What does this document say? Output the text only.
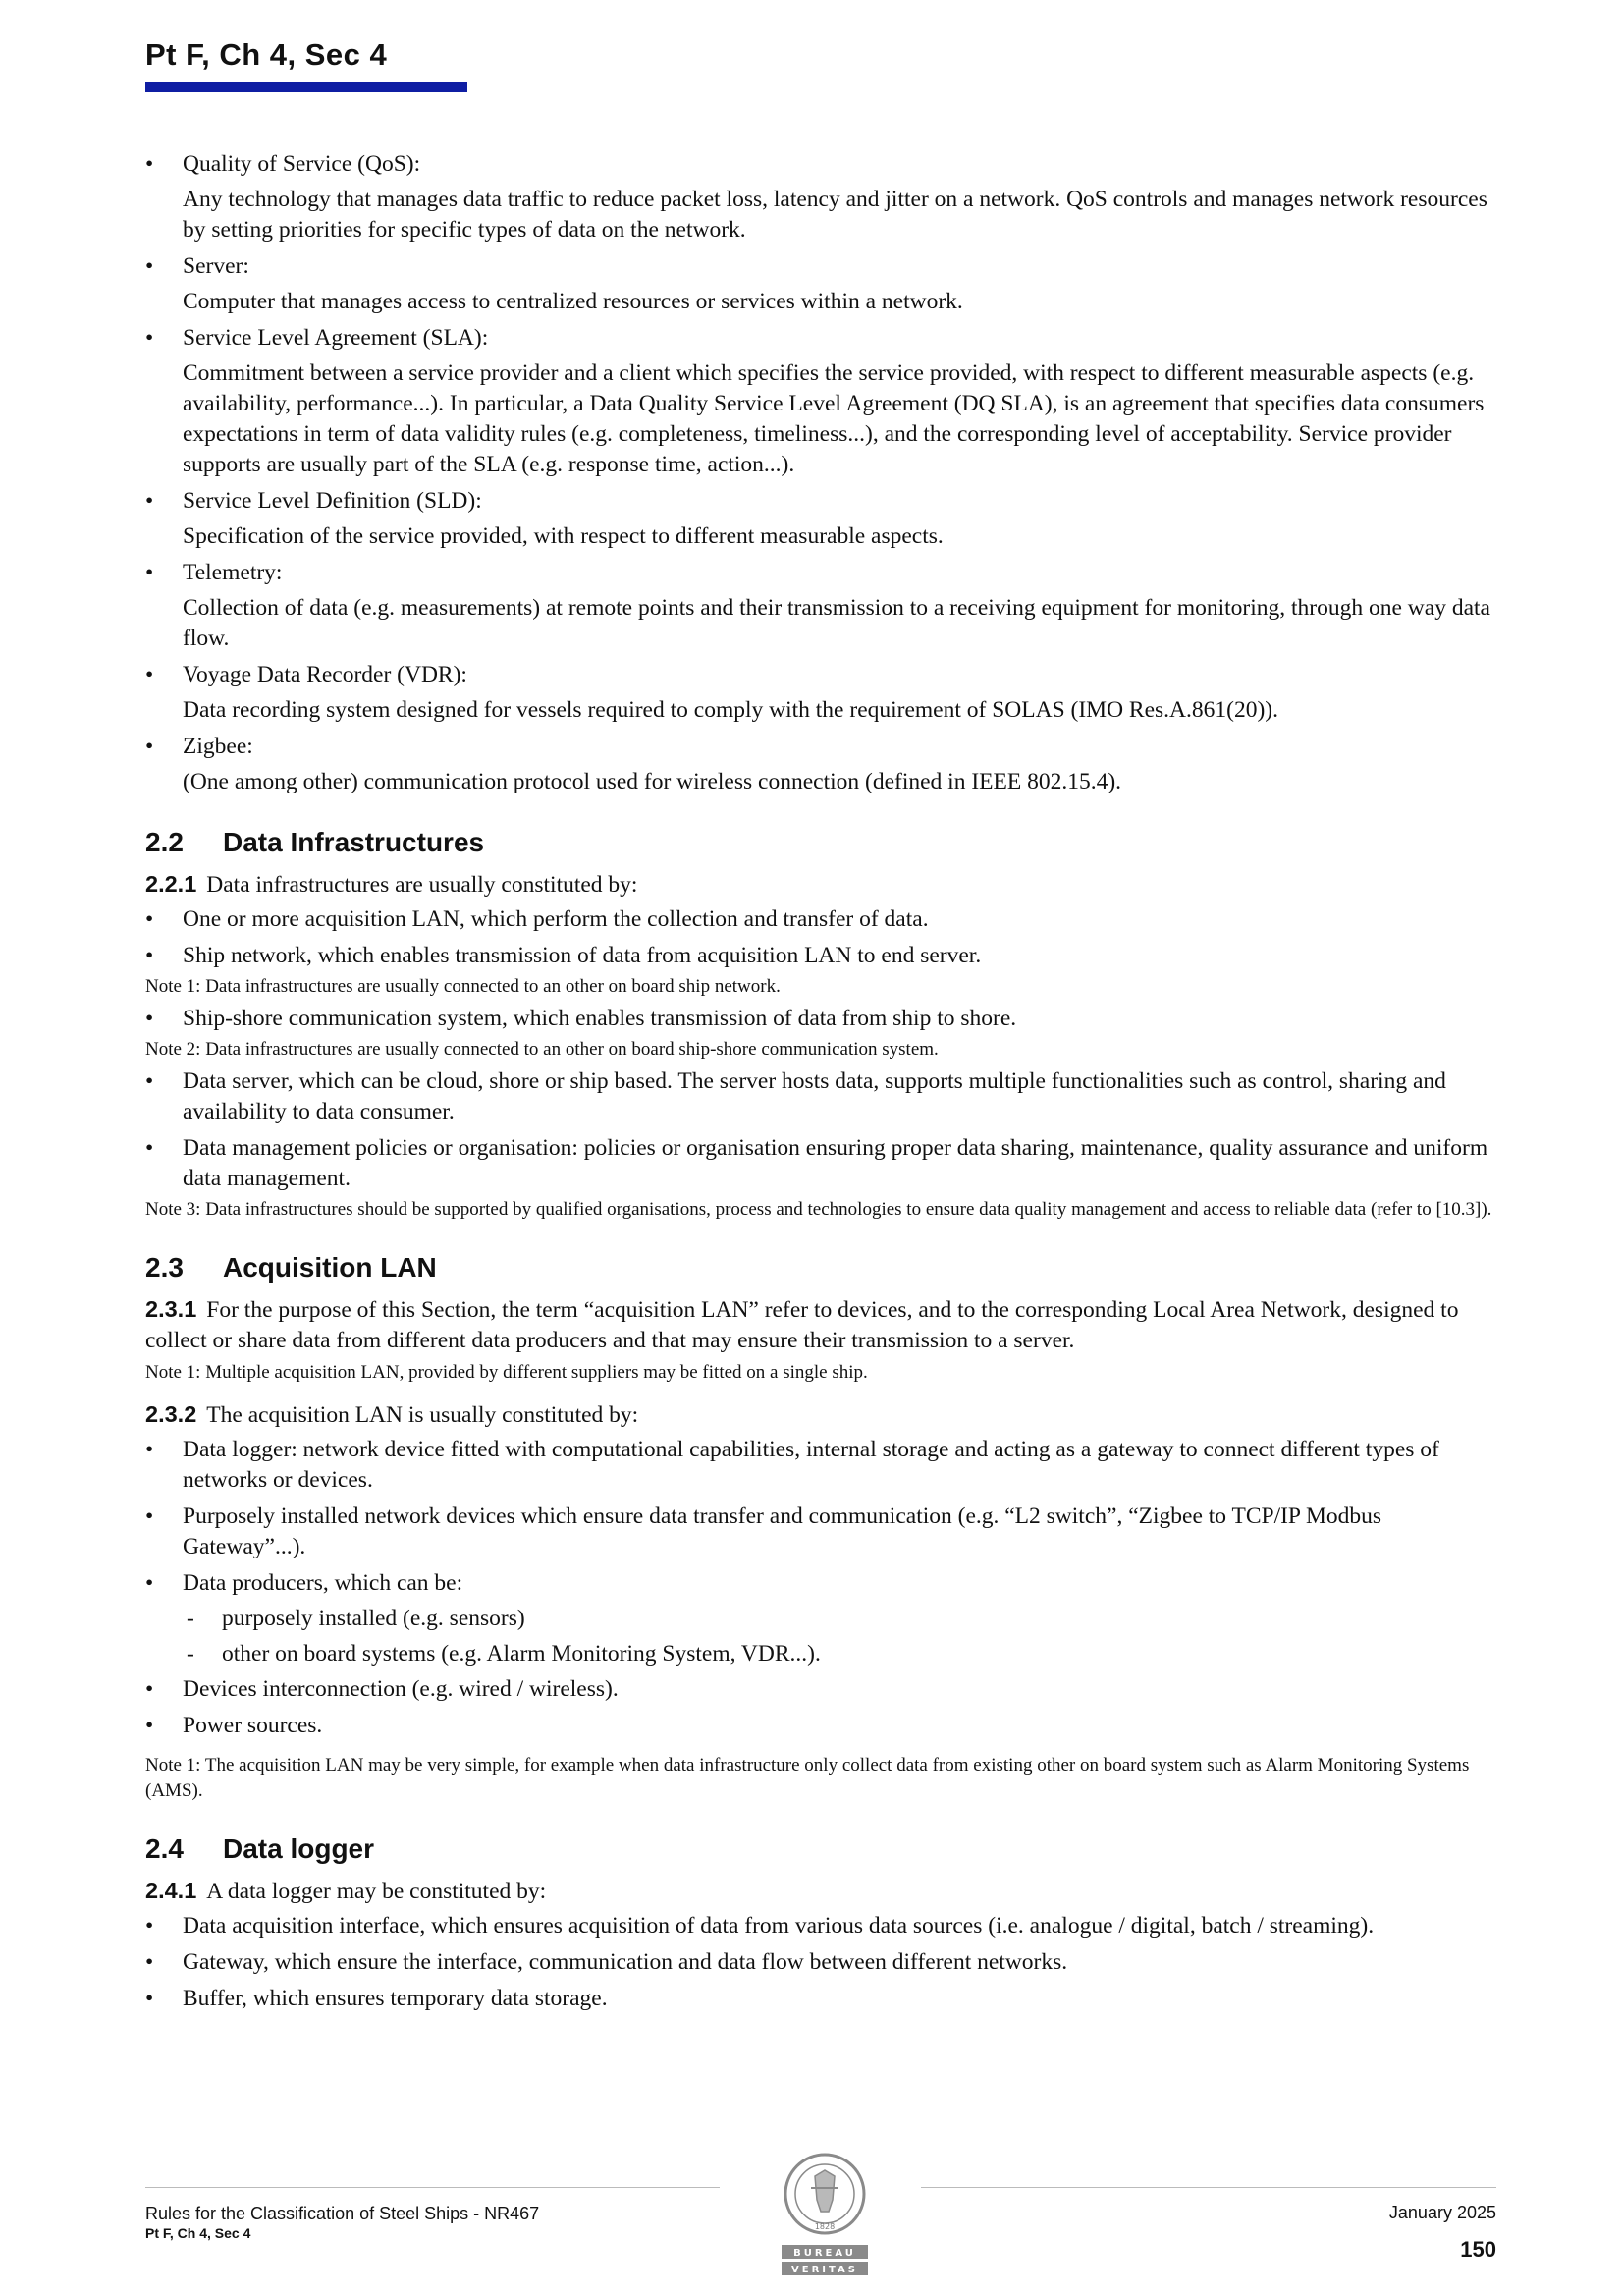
Pt F, Ch 4, Sec 4
• Quality of Service (QoS):
Any technology that manages data traffic to reduce packet loss, latency and jitter on a network. QoS controls and manages network resources by setting priorities for specific types of data on the network.
• Server:
Computer that manages access to centralized resources or services within a network.
• Service Level Agreement (SLA):
Commitment between a service provider and a client which specifies the service provided, with respect to different measurable aspects (e.g. availability, performance...). In particular, a Data Quality Service Level Agreement (DQ SLA), is an agreement that specifies data consumers expectations in term of data validity rules (e.g. completeness, timeliness...), and the corresponding level of acceptability. Service provider supports are usually part of the SLA (e.g. response time, action...).
• Service Level Definition (SLD):
Specification of the service provided, with respect to different measurable aspects.
• Telemetry:
Collection of data (e.g. measurements) at remote points and their transmission to a receiving equipment for monitoring, through one way data flow.
• Voyage Data Recorder (VDR):
Data recording system designed for vessels required to comply with the requirement of SOLAS (IMO Res.A.861(20)).
• Zigbee:
(One among other) communication protocol used for wireless connection (defined in IEEE 802.15.4).
2.2	Data Infrastructures
2.2.1 Data infrastructures are usually constituted by:
• One or more acquisition LAN, which perform the collection and transfer of data.
• Ship network, which enables transmission of data from acquisition LAN to end server.
Note 1: Data infrastructures are usually connected to an other on board ship network.
• Ship-shore communication system, which enables transmission of data from ship to shore.
Note 2: Data infrastructures are usually connected to an other on board ship-shore communication system.
• Data server, which can be cloud, shore or ship based. The server hosts data, supports multiple functionalities such as control, sharing and availability to data consumer.
• Data management policies or organisation: policies or organisation ensuring proper data sharing, maintenance, quality assurance and uniform data management.
Note 3: Data infrastructures should be supported by qualified organisations, process and technologies to ensure data quality management and access to reliable data (refer to [10.3]).
2.3	Acquisition LAN
2.3.1 For the purpose of this Section, the term “acquisition LAN” refer to devices, and to the corresponding Local Area Network, designed to collect or share data from different data producers and that may ensure their transmission to a server.
Note 1: Multiple acquisition LAN, provided by different suppliers may be fitted on a single ship.
2.3.2 The acquisition LAN is usually constituted by:
• Data logger: network device fitted with computational capabilities, internal storage and acting as a gateway to connect different types of networks or devices.
• Purposely installed network devices which ensure data transfer and communication (e.g. “L2 switch”, “Zigbee to TCP/IP Modbus Gateway”...).
• Data producers, which can be:
- purposely installed (e.g. sensors)
- other on board systems (e.g. Alarm Monitoring System, VDR...).
• Devices interconnection (e.g. wired / wireless).
• Power sources.
Note 1: The acquisition LAN may be very simple, for example when data infrastructure only collect data from existing other on board system such as Alarm Monitoring Systems (AMS).
2.4	Data logger
2.4.1 A data logger may be constituted by:
• Data acquisition interface, which ensures acquisition of data from various data sources (i.e. analogue / digital, batch / streaming).
• Gateway, which ensure the interface, communication and data flow between different networks.
• Buffer, which ensures temporary data storage.
Rules for the Classification of Steel Ships - NR467
Pt F, Ch 4, Sec 4	1828
BUREAU
VERITAS
January 2025
150
